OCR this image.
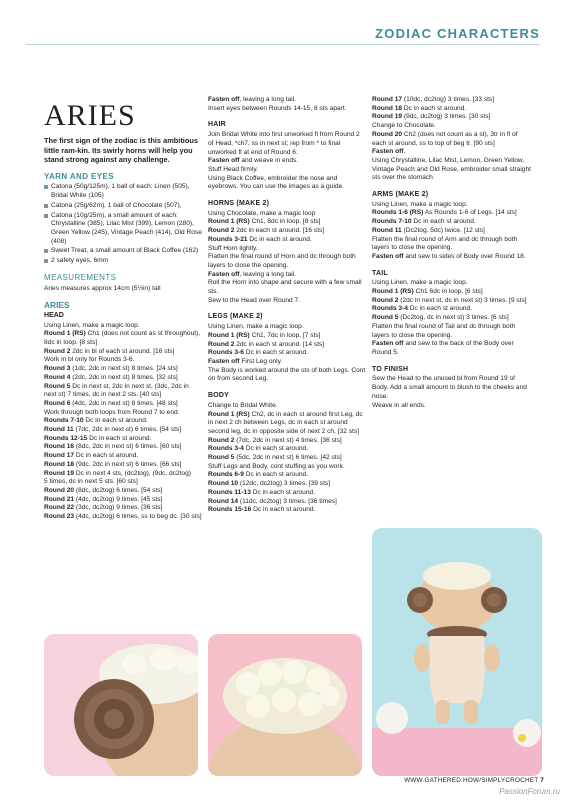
ZODIAC CHARACTERS
ARIES
The first sign of the zodiac is this ambitious little ram-kin. Its swirly horns will help you stand strong against any challenge.
YARN AND EYES
Catona (50g/125m), 1 ball of each: Linen (505), Bridal White (105)
Catona (25g/62m), 1 ball of Chocolate (507),
Catona (10g/25m), a small amount of each: Chrystalline (385), Lilac Mist (399), Lemon (280), Green Yellow (245), Vintage Peach (414), Old Rose (408)
Sweet Treat, a small amount of Black Coffee (162)
2 safety eyes, 6mm
MEASUREMENTS
Aries measures approx 14cm (5½in) tall
ARIES
HEAD
Using Linen, make a magic loop.
Round 1 (RS) Ch1 (does not count as st throughout), 8dc in loop. [8 sts]
Round 2 2dc in bl of each st around. [16 sts]
Work in bl only for Rounds 3-6.
Round 3 (1dc, 2dc in next st) 8 times. [24 sts]
Round 4 (2dc, 2dc in next st) 8 times. [32 sts]
Round 5 Dc in next st, 2dc in next st, (3dc, 2dc in next st) 7 times, dc in next 2 sts. [40 sts]
Round 6 (4dc, 2dc in next st) 8 times. [48 sts]
Work through both loops from Round 7 to end.
Rounds 7-10 Dc in each st around.
Round 11 (7dc, 2dc in next st) 6 times. [54 sts]
Rounds 12-15 Dc in each st around.
Round 16 (8dc, 2dc in next st) 6 times. [60 sts]
Round 17 Dc in each st around.
Round 18 (9dc, 2dc in next st) 6 times. [66 sts]
Round 19 Dc in next 4 sts, (dc2tog), (9dc, dc2tog)
5 times, dc in next 5 sts. [60 sts]
Round 20 (8dc, dc2tog) 6 times. [54 sts]
Round 21 (4dc, dc2tog) 9 times. [45 sts]
Round 22 (3dc, dc2tog) 9 times. [36 sts]
Round 23 (4dc, dc2tog) 6 times, ss to beg dc. [30 sts]
Fasten off, leaving a long tail.
Insert eyes between Rounds 14-15, 8 sts apart.
HAIR
Join Bridal White into first unworked fl from Round 2 of Head, *ch7, ss in next st; rep from * to final unworked fl at end of Round 6.
Fasten off and weave in ends.
Stuff Head firmly.
Using Black Coffee, embroider the nose and eyebrows. You can use the images as a guide.
HORNS (MAKE 2)
Using Chocolate, make a magic loop
Round 1 (RS) Ch1, 8dc in loop. [8 sts]
Round 2 2dc in each st around. [16 sts]
Rounds 3-21 Dc in each st around.
Stuff Horn lightly.
Flatten the final round of Horn and dc through both layers to close the opening.
Fasten off, leaving a long tail.
Roll the Horn into shape and secure with a few small sts.
Sew to the Head over Round 7.
LEGS (MAKE 2)
Using Linen, make a magic loop.
Round 1 (RS) Ch1, 7dc in loop. [7 sts]
Round 2 2dc in each st around. [14 sts]
Rounds 3-6 Dc in each st around.
Fasten off First Leg only.
The Body is worked around the sts of both Legs. Cont on from second Leg.
BODY
Change to Bridal White.
Round 1 (RS) Ch2, dc in each st around first Leg, dc in next 2 ch between Legs, dc in each st around second leg, dc in opposite side of next 2 ch. [32 sts]
Round 2 (7dc, 2dc in next st) 4 times. [36 sts]
Rounds 3-4 Dc in each st around.
Round 5 (5dc, 2dc in next st) 6 times. [42 sts]
Stuff Legs and Body, cont stuffing as you work.
Rounds 6-9 Dc in each st around.
Round 10 (12dc, dc2tog) 3 times. [39 sts]
Rounds 11-13 Dc in each st around.
Round 14 (11dc, dc2tog) 3 times. [36 times]
Rounds 15-16 Dc in each st around.
Round 17 (10dc, dc2tog) 3 times. [33 sts]
Round 18 Dc in each st around.
Round 19 (9dc, dc2tog) 3 times. [30 sts]
Change to Chocolate.
Round 20 Ch2 (does not count as a st), 3tr in fl of each st around, ss to top of beg tr. [90 sts]
Fasten off.
Using Chrystalline, Lilac Mist, Lemon, Green Yellow, Vintage Peach and Old Rose, embroider small straight sts over the stomach.
ARMS (MAKE 2)
Using Linen, make a magic loop.
Rounds 1-6 (RS) As Rounds 1-6 of Legs. [14 sts]
Rounds 7-10 Dc in each st around.
Round 11 (Dc2tog, 5dc) twice. [12 sts]
Flatten the final round of Arm and dc through both layers to close the opening.
Fasten off and sew to sides of Body over Round 18.
TAIL
Using Linen, make a magic loop.
Round 1 (RS) Ch1 6dc in loop. [6 sts]
Round 2 (2dc in next st, dc in next st) 3 times. [9 sts]
Rounds 3-4 Dc in each st around.
Round 5 (Dc2tog, dc in next st) 3 times. [6 sts]
Flatten the final round of Tail and dc through both layers to close the opening.
Fasten off and sew to the back of the Body over Round 5.
TO FINISH
Sew the Head to the unused bl from Round 19 of Body. Add a small amount to blush to the cheeks and nose.
Weave in all ends.
WWW.GATHERED.HOW/SIMPLYCROCHET 7
PassionForum.ru
